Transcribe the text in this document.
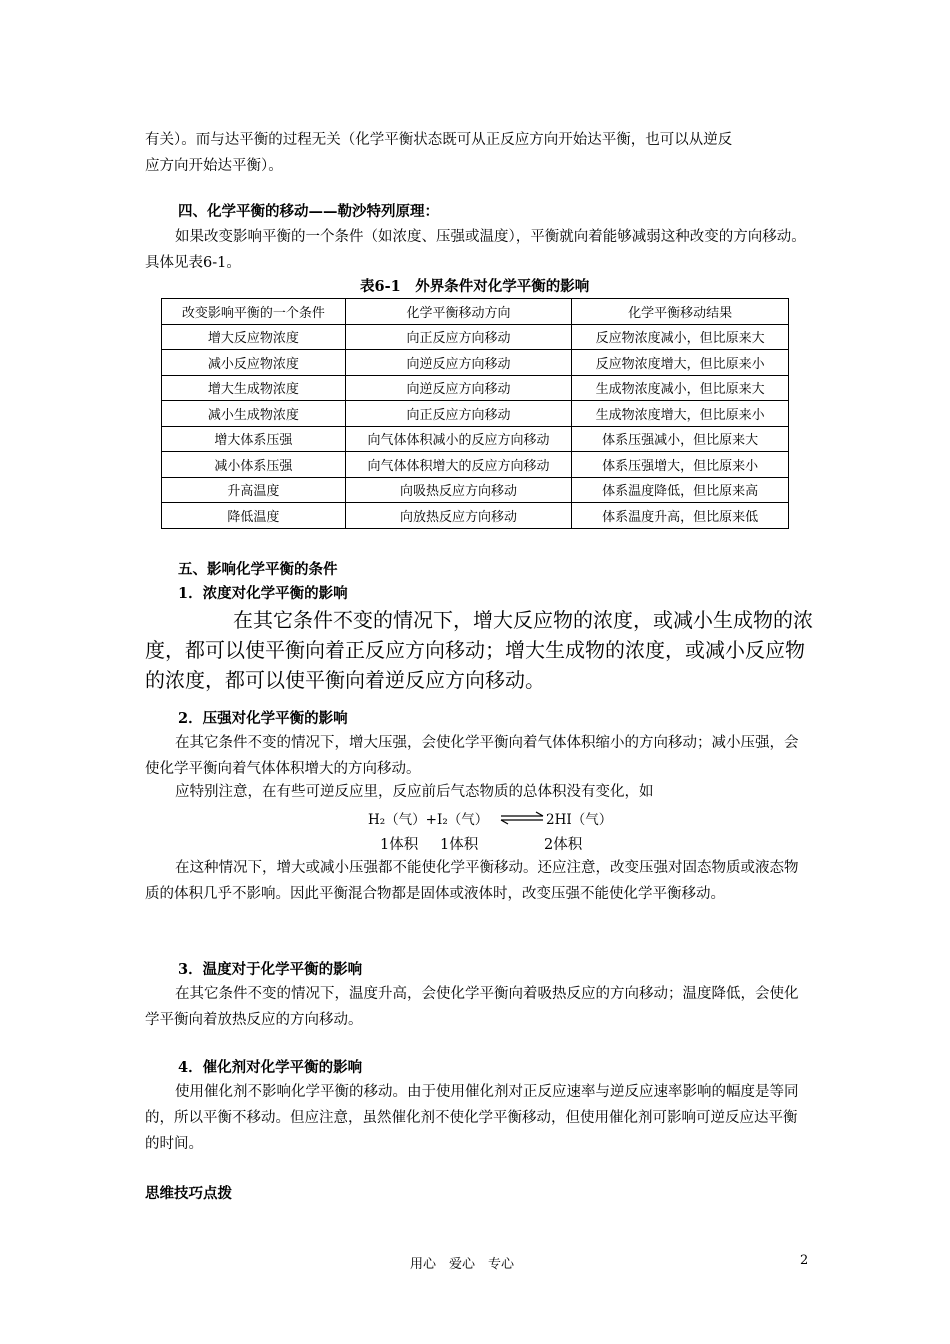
有关）。而与达平衡的过程无关（化学平衡状态既可从正反应方向开始达平衡，也可以从逆反
应方向开始达平衡）。
四、化学平衡的移动——勒沙特列原理：
如果改变影响平衡的一个条件（如浓度、压强或温度），平衡就向着能够减弱这种改变的方向移动。具体见表6-1。
表6-1　外界条件对化学平衡的影响
改变影响平衡的一个条件	化学平衡移动方向	化学平衡移动结果
增大反应物浓度	向正反应方向移动	反应物浓度减小，但比原来大
减小反应物浓度	向逆反应方向移动	反应物浓度增大，但比原来小
增大生成物浓度	向逆反应方向移动	生成物浓度减小，但比原来大
减小生成物浓度	向正反应方向移动	生成物浓度增大，但比原来小
增大体系压强	向气体体积减小的反应方向移动	体系压强减小，但比原来大
减小体系压强	向气体体积增大的反应方向移动	体系压强增大，但比原来小
升高温度	向吸热反应方向移动	体系温度降低，但比原来高
降低温度	向放热反应方向移动	体系温度升高，但比原来低
五、影响化学平衡的条件
1．浓度对化学平衡的影响
在其它条件不变的情况下，增大反应物的浓度，或减小生成物的浓度，都可以使平衡向着正反应方向移动；增大生成物的浓度，或减小反应物的浓度，都可以使平衡向着逆反应方向移动。
2．压强对化学平衡的影响
在其它条件不变的情况下，增大压强，会使化学平衡向着气体体积缩小的方向移动；减小压强，会使化学平衡向着气体体积增大的方向移动。
应特别注意，在有些可逆反应里，反应前后气态物质的总体积没有变化，如
H₂（气）+I₂（气） ⇌ 2HI（气）
1体积 1体积	2体积
在这种情况下，增大或减小压强都不能使化学平衡移动。还应注意，改变压强对固态物质或液态物质的体积几乎不影响。因此平衡混合物都是固体或液体时，改变压强不能使化学平衡移动。
3．温度对于化学平衡的影响
在其它条件不变的情况下，温度升高，会使化学平衡向着吸热反应的方向移动；温度降低，会使化学平衡向着放热反应的方向移动。
4．催化剂对化学平衡的影响
使用催化剂不影响化学平衡的移动。由于使用催化剂对正反应速率与逆反应速率影响的幅度是等同的，所以平衡不移动。但应注意，虽然催化剂不使化学平衡移动，但使用催化剂可影响可逆反应达平衡的时间。
思维技巧点拨
用心　爱心　专心	2
